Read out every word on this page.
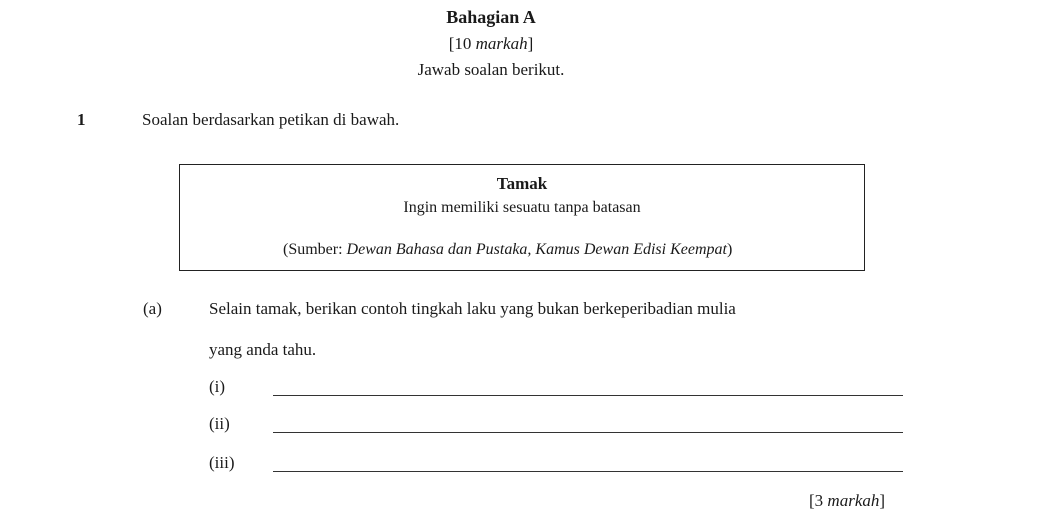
Bahagian A
[10 markah]
Jawab soalan berikut.
1	Soalan berdasarkan petikan di bawah.
Tamak
Ingin memiliki sesuatu tanpa batasan
(Sumber: Dewan Bahasa dan Pustaka, Kamus Dewan Edisi Keempat)
(a)	Selain tamak, berikan contoh tingkah laku yang bukan berkeperibadian mulia
yang anda tahu.
(i)
(ii)
(iii)
[3 markah]
